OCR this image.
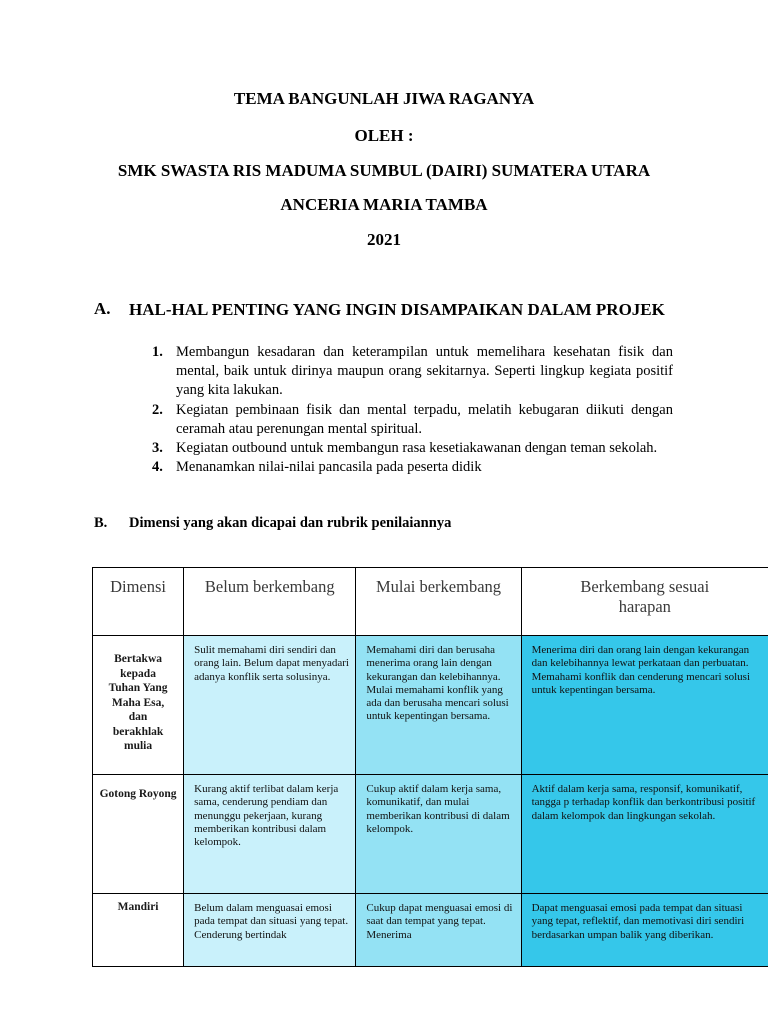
TEMA BANGUNLAH JIWA RAGANYA
OLEH :
SMK SWASTA RIS MADUMA SUMBUL (DAIRI) SUMATERA UTARA
ANCERIA MARIA TAMBA
2021
A. HAL-HAL PENTING YANG INGIN DISAMPAIKAN DALAM PROJEK
1. Membangun kesadaran dan keterampilan untuk memelihara kesehatan fisik dan mental, baik untuk dirinya maupun orang sekitarnya. Seperti lingkup kegiata positif yang kita lakukan.
2. Kegiatan pembinaan fisik dan mental terpadu, melatih kebugaran diikuti dengan ceramah atau perenungan mental spiritual.
3. Kegiatan outbound untuk membangun rasa kesetiakawanan dengan teman sekolah.
4. Menanamkan nilai-nilai pancasila pada peserta didik
B. Dimensi yang akan dicapai dan rubrik penilaiannya
Dimensi	Belum berkembang	Mulai berkembang	Berkembang sesuai harapan
Bertakwa kepada Tuhan Yang Maha Esa, dan berakhlak mulia	Sulit memahami diri sendiri dan orang lain. Belum dapat menyadari adanya konflik serta solusinya.	Memahami diri dan berusaha menerima orang lain dengan kekurangan dan kelebihannya. Mulai memahami konflik yang ada dan berusaha mencari solusi untuk kepentingan bersama.	Menerima diri dan orang lain dengan kekurangan dan kelebihannya lewat perkataan dan perbuatan. Memahami konflik dan cenderung mencari solusi untuk kepentingan bersama.
Gotong Royong	Kurang aktif terlibat dalam kerja sama, cenderung pendiam dan menunggu pekerjaan, kurang memberikan kontribusi dalam kelompok.	Cukup aktif dalam kerja sama, komunikatif, dan mulai memberikan kontribusi di dalam kelompok.	Aktif dalam kerja sama, responsif, komunikatif, tangga p terhadap konflik dan berkontribusi positif dalam kelompok dan lingkungan sekolah.
Mandiri	Belum dalam menguasai emosi pada tempat dan situasi yang tepat. Cenderung bertindak	Cukup dapat menguasai emosi di saat dan tempat yang tepat. Menerima	Dapat menguasai emosi pada tempat dan situasi yang tepat, reflektif, dan memotivasi diri sendiri berdasarkan umpan balik yang diberikan.
